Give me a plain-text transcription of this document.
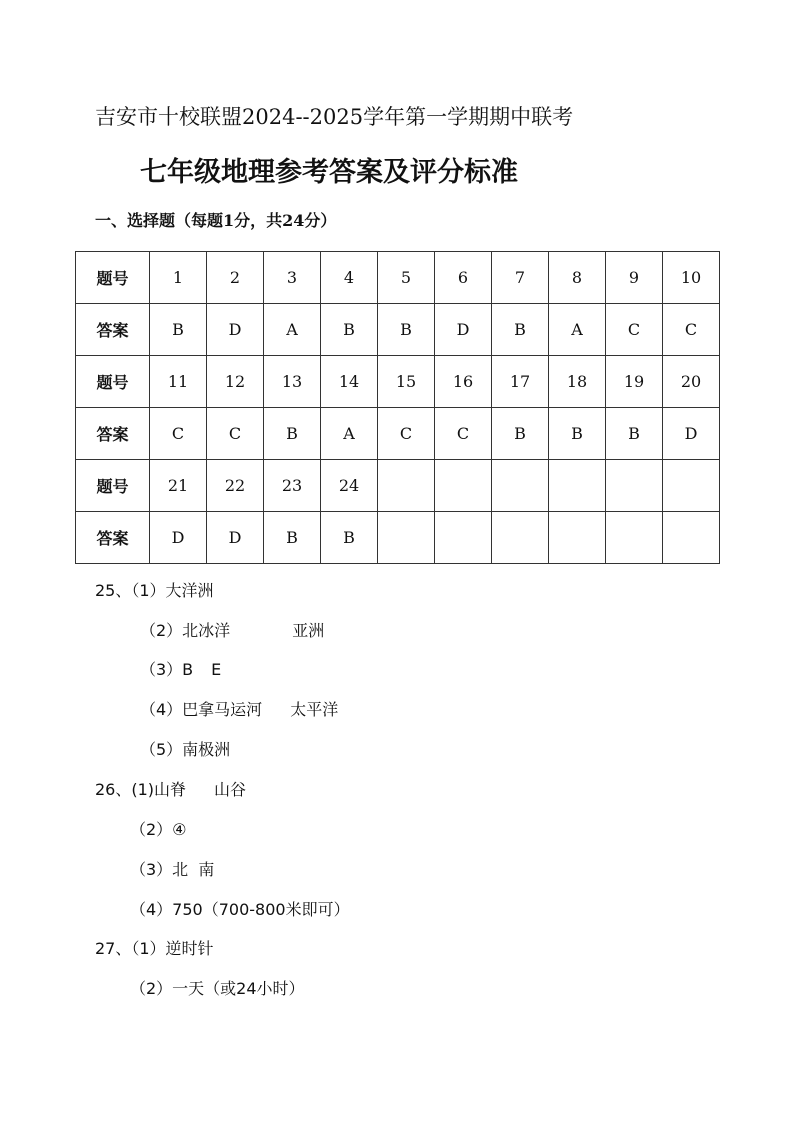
吉安市十校联盟2024--2025学年第一学期期中联考
七年级地理参考答案及评分标准
一、选择题（每题1分，共24分）
题号	1	2	3	4	5	6	7	8	9	10
答案	B	D	A	B	B	D	B	A	C	C
题号	11	12	13	14	15	16	17	18	19	20
答案	C	C	B	A	C	C	B	B	B	D
题号	21	22	23	24						
答案	D	D	B	B						
25、（1）大洋洲
（2）北冰洋	亚洲
（3）B E
（4）巴拿马运河 太平洋
（5）南极洲
26、(1)山脊 山谷
（2）④
（3）北  南
（4）750（700-800米即可）
27、（1）逆时针
（2）一天（或24小时）
